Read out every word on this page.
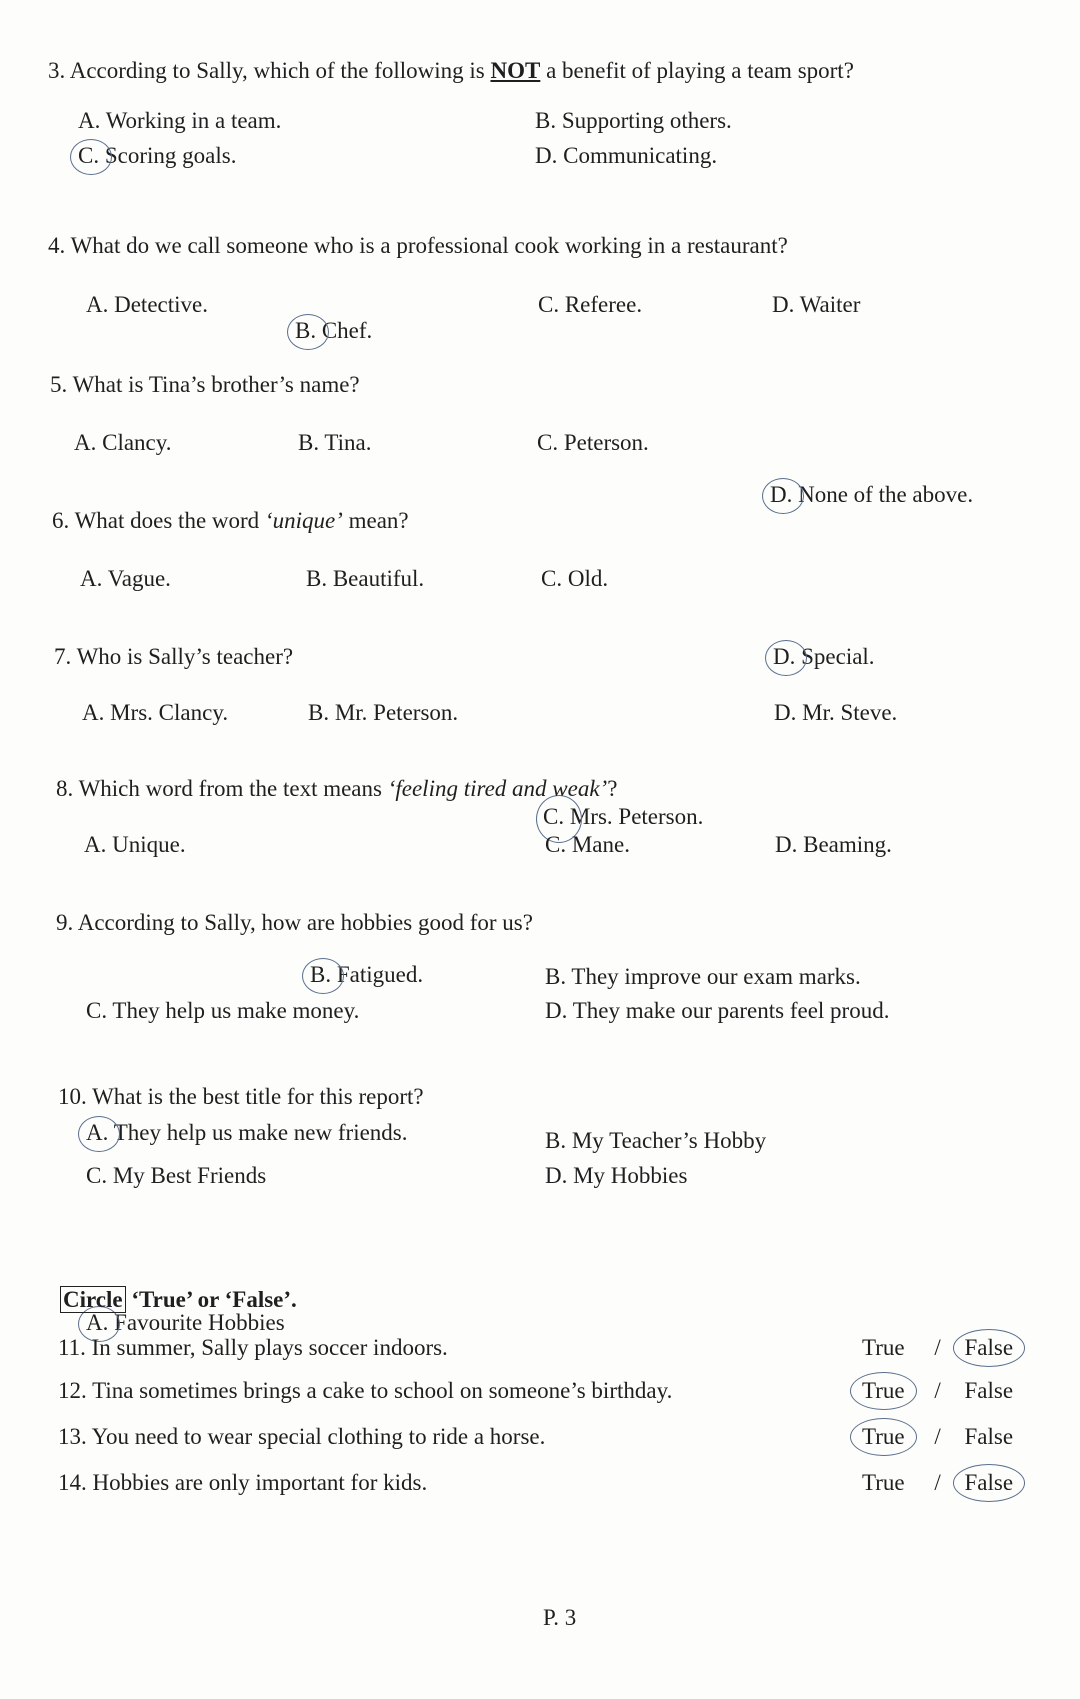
3. According to Sally, which of the following is NOT a benefit of playing a team sport?
A. Working in a team.	B. Supporting others.
C. Scoring goals.	D. Communicating.
4. What do we call someone who is a professional cook working in a restaurant?
A. Detective.
B. Chef.
C. Referee.	D. Waiter
5. What is Tina’s brother’s name?
A. Clancy.	B. Tina.	C. Peterson.
D. None of the above.
6. What does the word ‘unique’ mean?
A. Vague.	B. Beautiful.	C. Old.
D. Special.
7. Who is Sally’s teacher?
A. Mrs. Clancy.	B. Mr. Peterson.
C. Mrs. Peterson.
D. Mr. Steve.
8. Which word from the text means ‘feeling tired and weak’?
A. Unique.
B. Fatigued.
C. Mane.	D. Beaming.
9. According to Sally, how are hobbies good for us?
A. They help us make new friends.
B. They improve our exam marks.
C. They help us make money.	D. They make our parents feel proud.
10. What is the best title for this report?
A. Favourite Hobbies
B. My Teacher’s Hobby
C. My Best Friends	D. My Hobbies
Circle ‘True’ or ‘False’.
11. In summer, Sally plays soccer indoors.	True / False
12. Tina sometimes brings a cake to school on someone’s birthday.	True / False
13. You need to wear special clothing to ride a horse.	True / False
14. Hobbies are only important for kids.	True / False
P. 3
